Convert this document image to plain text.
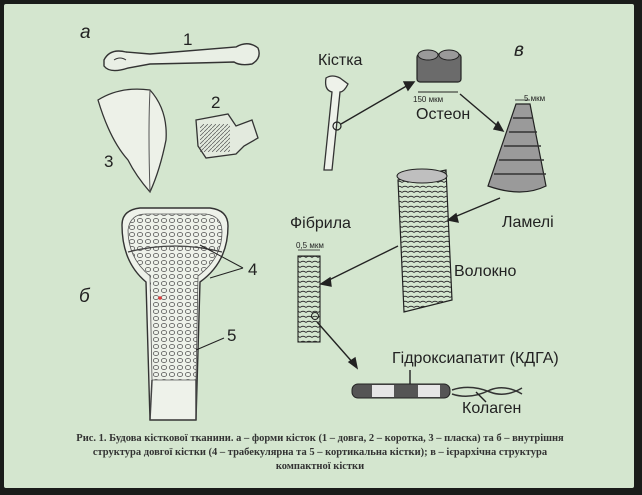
а
б
в
1
2
3
4
5
Кістка
Остеон
150 мкм	5 мкм
Ламелі
Фібрила
0,5 мкм
Волокно
Гідроксиапатит (КДГА)
Колаген
Рис. 1. Будова кісткової тканини. а – форми кісток (1 – довга, 2 – коротка, 3 – пласка) та б – внутрішня
структура довгої кістки (4 – трабекулярна та 5 – кортикальна кістки); в – ієрархічна структура
компактної кістки
